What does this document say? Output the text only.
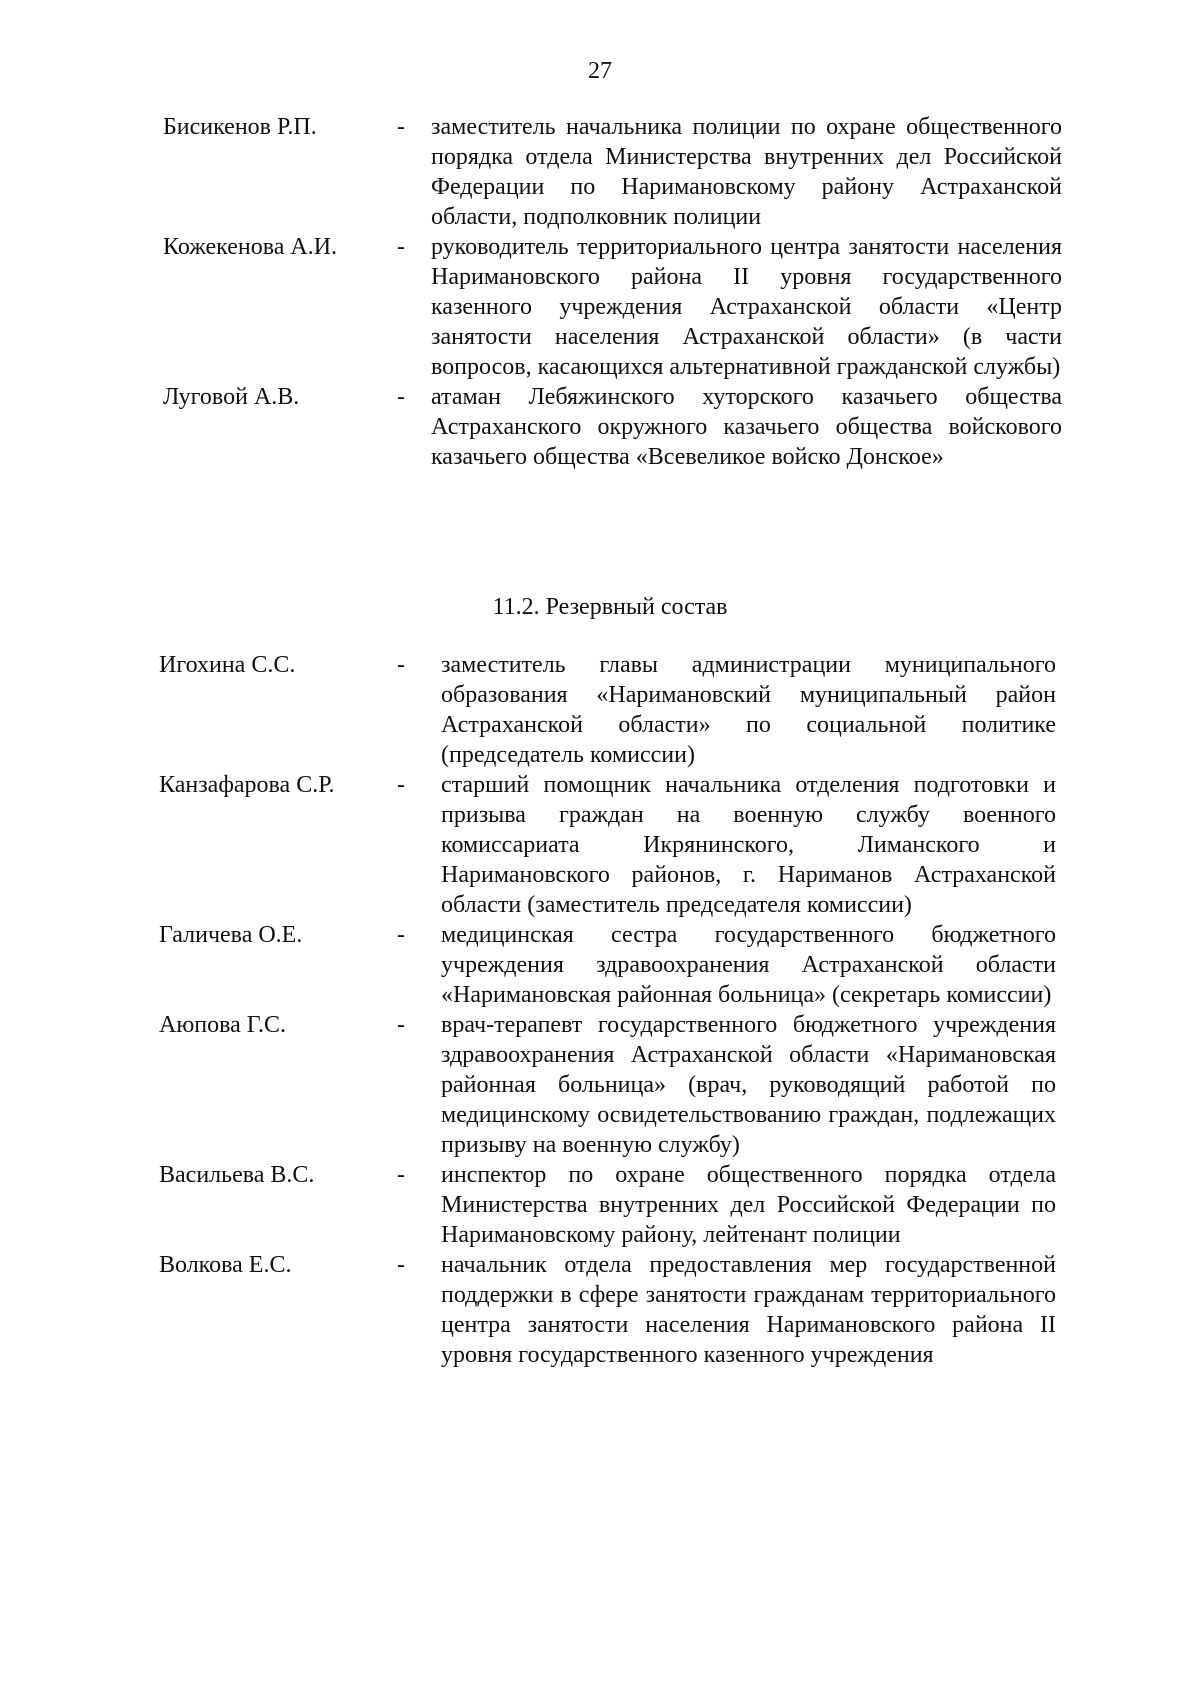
27
Бисикенов Р.П.	- заместитель начальника полиции по охране общественного порядка отдела Министерства внутренних дел Российской Федерации по Наримановскому району Астраханской области, подполковник полиции
Кожекенова А.И. - руководитель территориального центра занятости населения Наримановского района II уровня государственного казенного учреждения Астраханской области «Центр занятости населения Астраханской области» (в части вопросов, касающихся альтернативной гражданской службы)
Луговой А.В.	- атаман Лебяжинского хуторского казачьего общества Астраханского окружного казачьего общества войскового казачьего общества «Всевеликое войско Донское»
11.2. Резервный состав
Игохина С.С.	- заместитель главы администрации муниципального образования «Наримановский муниципальный район Астраханской области» по социальной политике (председатель комиссии)
Канзафарова С.Р.	- старший помощник начальника отделения подготовки и призыва граждан на военную службу военного комиссариата Икрянинского, Лиманского и Наримановского районов, г. Нариманов Астраханской области (заместитель председателя комиссии)
Галичева О.Е.	- медицинская сестра государственного бюджетного учреждения здравоохранения Астраханской области «Наримановская районная больница» (секретарь комиссии)
Аюпова Г.С.	- врач-терапевт государственного бюджетного учреждения здравоохранения Астраханской области «Наримановская районная больница» (врач, руководящий работой по медицинскому освидетельствованию граждан, подлежащих призыву на военную службу)
Васильева В.С.	- инспектор по охране общественного порядка отдела Министерства внутренних дел Российской Федерации по Наримановскому району, лейтенант полиции
Волкова Е.С.	- начальник отдела предоставления мер государственной поддержки в сфере занятости гражданам территориального центра занятости населения Наримановского района II уровня государственного казенного учреждения
